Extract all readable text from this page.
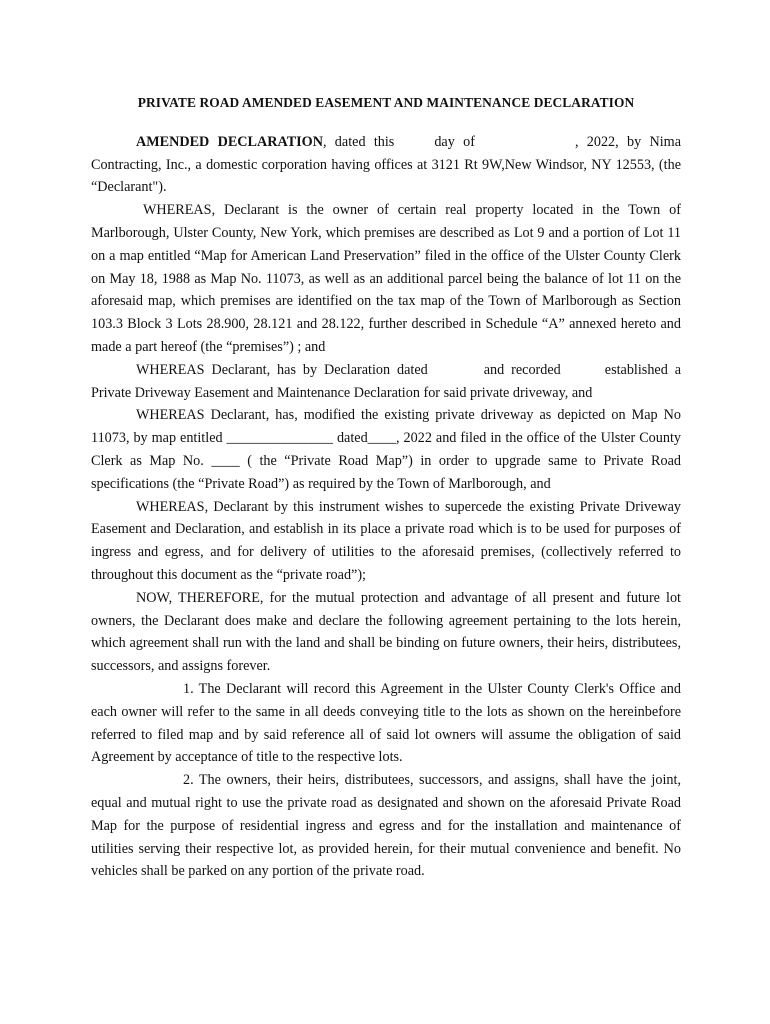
PRIVATE ROAD AMENDED EASEMENT AND MAINTENANCE DECLARATION

AMENDED DECLARATION, dated this	day of	, 2022, by Nima Contracting, Inc., a domestic corporation having offices at 3121 Rt 9W,New Windsor, NY 12553, (the “Declarant").

WHEREAS, Declarant is the owner of certain real property located in the Town of Marlborough, Ulster County, New York, which premises are described as Lot 9 and a portion of Lot 11 on a map entitled “Map for American Land Preservation” filed in the office of the Ulster County Clerk on May 18, 1988 as Map No. 11073, as well as an additional parcel being the balance of lot 11 on the aforesaid map, which premises are identified on the tax map of the Town of Marlborough as Section 103.3 Block 3 Lots 28.900, 28.121 and 28.122, further described in Schedule “A” annexed hereto and made a part hereof (the “premises”) ; and

WHEREAS Declarant, has by Declaration dated	and recorded	established a Private Driveway Easement and Maintenance Declaration for said private driveway, and

WHEREAS Declarant, has, modified the existing private driveway as depicted on Map No 11073, by map entitled _______________ dated____, 2022 and filed in the office of the Ulster County Clerk as Map No. ____ ( the “Private Road Map”) in order to upgrade same to Private Road specifications (the “Private Road”) as required by the Town of Marlborough, and

WHEREAS, Declarant by this instrument wishes to supercede the existing Private Driveway Easement and Declaration, and establish in its place a private road which is to be used for purposes of ingress and egress, and for delivery of utilities to the aforesaid premises, (collectively referred to throughout this document as the “private road”);

NOW, THEREFORE, for the mutual protection and advantage of all present and future lot owners, the Declarant does make and declare the following agreement pertaining to the lots herein, which agreement shall run with the land and shall be binding on future owners, their heirs, distributees, successors, and assigns forever.

1. The Declarant will record this Agreement in the Ulster County Clerk's Office and each owner will refer to the same in all deeds conveying title to the lots as shown on the hereinbefore referred to filed map and by said reference all of said lot owners will assume the obligation of said Agreement by acceptance of title to the respective lots.

2. The owners, their heirs, distributees, successors, and assigns, shall have the joint, equal and mutual right to use the private road as designated and shown on the aforesaid Private Road Map for the purpose of residential ingress and egress and for the installation and maintenance of utilities serving their respective lot, as provided herein, for their mutual convenience and benefit. No vehicles shall be parked on any portion of the private road.
